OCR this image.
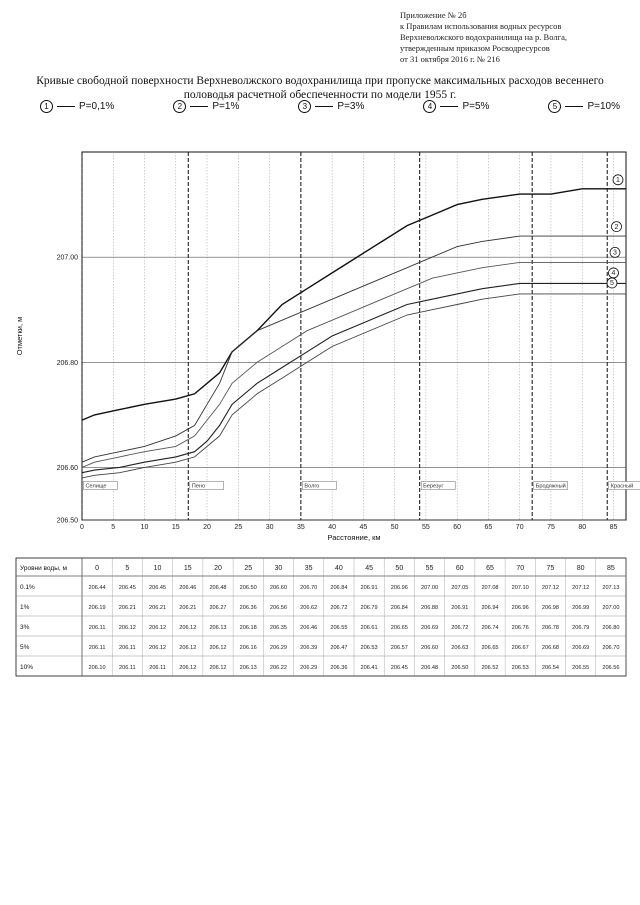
Приложение № 2б
к Правилам использования водных ресурсов
Верхневолжского водохранилища на р. Волга,
утвержденным приказом Росводресурсов
от 31 октября 2016 г. № 216
Кривые свободной поверхности Верхневолжского водохранилища при пропуске максимальных расходов весеннего половодья расчетной обеспеченности по модели 1955 г.
1	P=0,1%	2	P=1%	3	P=3%	4	P=5%	5	P=10%
0	5	10	15	20	25	30	35	40	45	50	55	60	65	70	75	80	85
206.50
206.60
206.80
207.00
Селище	Пено	Волго	Березуг	Бродяжный	Красный
1
2
3
4
5
Расстояние, км
Отметки, м
Уровни воды, м	0	5	10	15	20	25	30	35	40	45	50	55	60	65	70	75	80	85
0.1%	206.44 206.45 206.45 206.46 206.48 206.50 206.60 206.70 206.84 206.91 206.96 207.00 207.05 207.08 207.10 207.12 207.12 207.13
1%	206.19 206.21 206.21 206.21 206.27 206.36 206.56 206.62 206.72 206.79 206.84 206.88 206.91 206.94 206.96 206.98 206.99 207.00
3%	206.11 206.12 206.12 206.12 206.13 206.18 206.35 206.46 206.55 206.61 206.65 206.69 206.72 206.74 206.76 206.78 206.79 206.80
5%	206.11 206.11 206.12 206.12 206.12 206.16 206.29 206.39 206.47 206.53 206.57 206.60 206.63 206.65 206.67 206.68 206.69 206.70
10%	206.10 206.11 206.11 206.12 206.12 206.13 206.22 206.29 206.36 206.41 206.45 206.48 206.50 206.52 206.53 206.54 206.55 206.56
